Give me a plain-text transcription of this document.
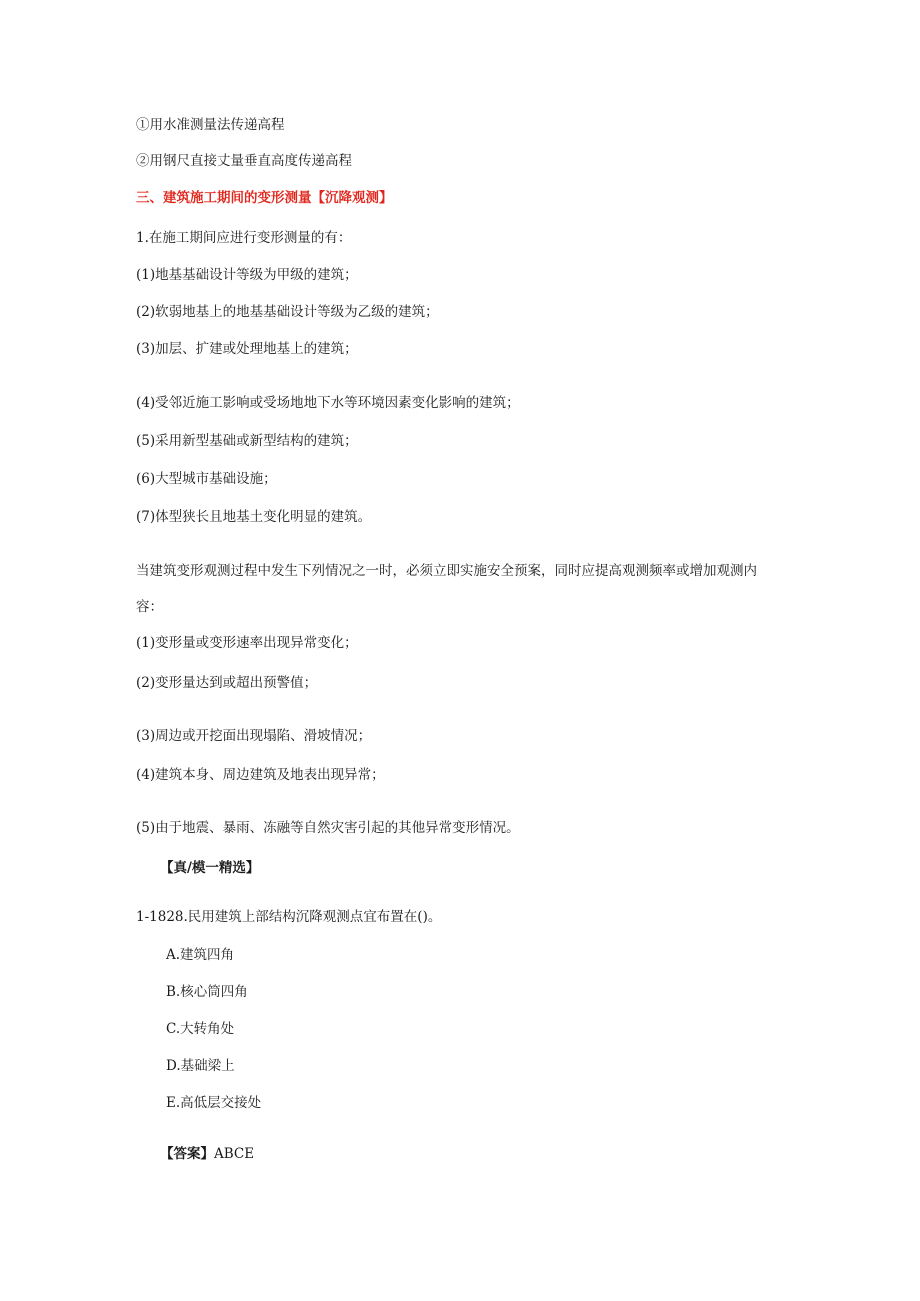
①用水准测量法传递高程
②用钢尺直接丈量垂直高度传递高程
三、建筑施工期间的变形测量【沉降观测】
1.在施工期间应进行变形测量的有：
(1)地基基础设计等级为甲级的建筑；
(2)软弱地基上的地基基础设计等级为乙级的建筑；
(3)加层、扩建或处理地基上的建筑；
(4)受邻近施工影响或受场地地下水等环境因素变化影响的建筑；
(5)采用新型基础或新型结构的建筑；
(6)大型城市基础设施；
(7)体型狭长且地基土变化明显的建筑。
当建筑变形观测过程中发生下列情况之一时，必须立即实施安全预案，同时应提高观测频率或增加观测内
容：
(1)变形量或变形速率出现异常变化；
(2)变形量达到或超出预警值；
(3)周边或开挖面出现塌陷、滑坡情况；
(4)建筑本身、周边建筑及地表出现异常；
(5)由于地震、暴雨、冻融等自然灾害引起的其他异常变形情况。
【真/模一精选】
1-1828.民用建筑上部结构沉降观测点宜布置在()。
A.建筑四角
B.核心筒四角
C.大转角处
D.基础梁上
E.高低层交接处
【答案】ABCE
